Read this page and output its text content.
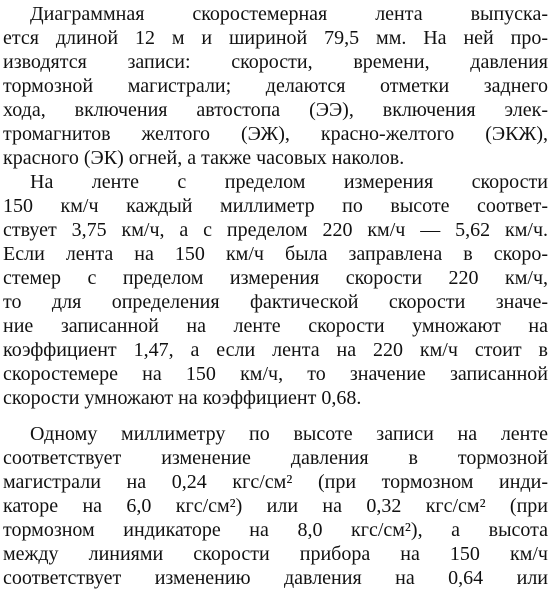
Диаграммная скоростемерная лента выпуска-
ется длиной 12 м и шириной 79,5 мм. На ней про-
изводятся записи: скорости, времени, давления
тормозной магистрали; делаются отметки заднего
хода, включения автостопа (ЭЭ), включения элек-
тромагнитов желтого (ЭЖ), красно-желтого (ЭКЖ),
красного (ЭК) огней, а также часовых наколов.
На ленте с пределом измерения скорости
150 км/ч каждый миллиметр по высоте соответ-
ствует 3,75 км/ч, а с пределом 220 км/ч — 5,62 км/ч.
Если лента на 150 км/ч была заправлена в скоро-
стемер с пределом измерения скорости 220 км/ч,
то для определения фактической скорости значе-
ние записанной на ленте скорости умножают на
коэффициент 1,47, а если лента на 220 км/ч стоит в
скоростемере на 150 км/ч, то значение записанной
скорости умножают на коэффициент 0,68.
Одному миллиметру по высоте записи на ленте
соответствует изменение давления в тормозной
магистрали на 0,24 кгс/см² (при тормозном инди-
каторе на 6,0 кгс/см²) или на 0,32 кгс/см² (при
тормозном индикаторе на 8,0 кгс/см²), а высота
между линиями скорости прибора на 150 км/ч
соответствует изменению давления на 0,64 или
